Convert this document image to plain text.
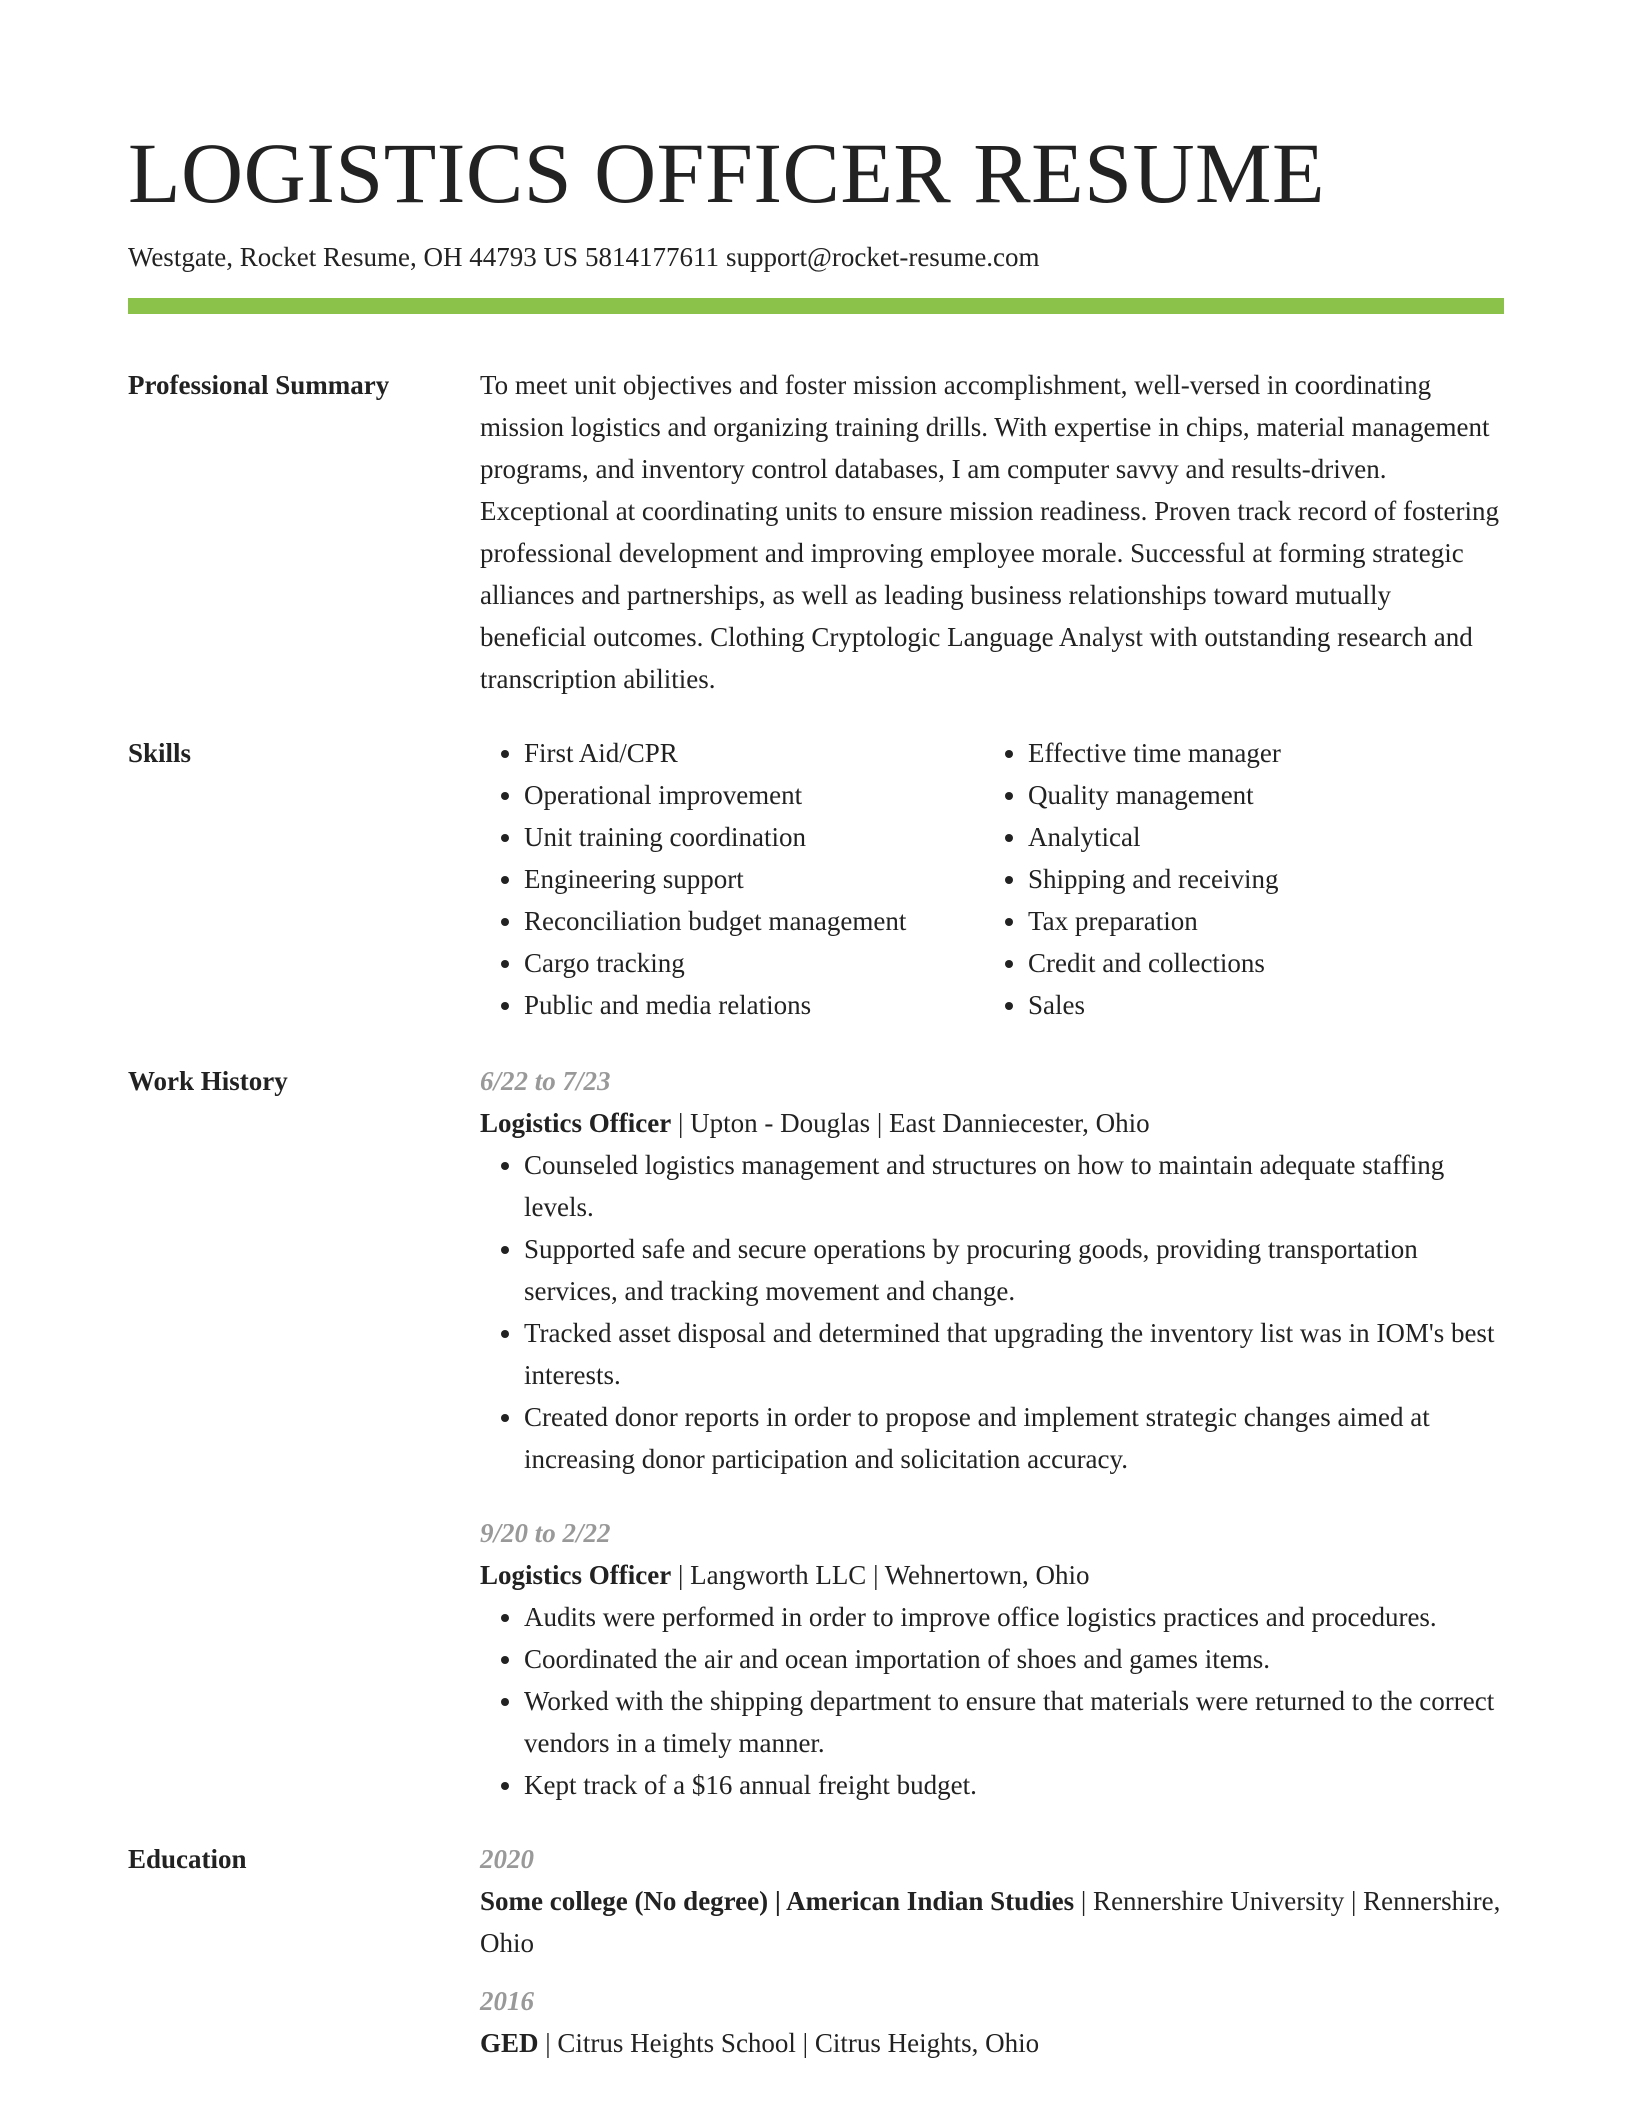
LOGISTICS OFFICER RESUME
Westgate, Rocket Resume, OH 44793 US 5814177611 support@rocket-resume.com
Professional Summary	To meet unit objectives and foster mission accomplishment, well-versed in coordinating mission logistics and organizing training drills. With expertise in chips, material management programs, and inventory control databases, I am computer savvy and results-driven. Exceptional at coordinating units to ensure mission readiness. Proven track record of fostering professional development and improving employee morale. Successful at forming strategic alliances and partnerships, as well as leading business relationships toward mutually beneficial outcomes. Clothing Cryptologic Language Analyst with outstanding research and transcription abilities.
Skills
•	First Aid/CPR
• Operational improvement
• Unit training coordination
• Engineering support
• Reconciliation budget management
• Cargo tracking
• Public and media relations
• Effective time manager
• Quality management
• Analytical
• Shipping and receiving
• Tax preparation
• Credit and collections
• Sales
Work History	6/22 to 7/23
Logistics Officer | Upton - Douglas | East Danniecester, Ohio
• Counseled logistics management and structures on how to maintain adequate staffing levels.
• Supported safe and secure operations by procuring goods, providing transportation services, and tracking movement and change.
• Tracked asset disposal and determined that upgrading the inventory list was in IOM's best interests.
• Created donor reports in order to propose and implement strategic changes aimed at increasing donor participation and solicitation accuracy.
9/20 to 2/22
Logistics Officer | Langworth LLC | Wehnertown, Ohio
• Audits were performed in order to improve office logistics practices and procedures.
• Coordinated the air and ocean importation of shoes and games items.
• Worked with the shipping department to ensure that materials were returned to the correct vendors in a timely manner.
• Kept track of a $16 annual freight budget.
Education	2020
Some college (No degree) | American Indian Studies | Rennershire University | Rennershire, Ohio
2016
GED | Citrus Heights School | Citrus Heights, Ohio
